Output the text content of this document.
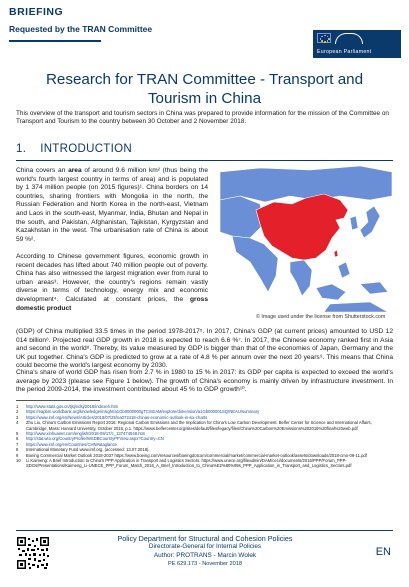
BRIEFING
Requested by the TRAN Committee
European Parliament
Research for TRAN Committee - Transport and
Tourism in China
This overview of the transport and tourism sectors in China was prepared to provide information for the mission of the Committee on Transport and Tourism to the country between 30 October and 2 November 2018.
1. INTRODUCTION
China covers an area of around 9.6 million km² (thus being the world's fourth largest country in terms of area) and is populated by 1 374 million people (on 2015 figures)¹. China borders on 14 countries, sharing frontiers with Mongolia in the north, the Russian Federation and North Korea in the north-east, Vietnam and Laos in the south-east, Myanmar, India, Bhutan and Nepal in the south, and Pakistan, Afghanistan, Tajikistan, Kyrgyzstan and Kazakhstan in the west. The urbanisation rate of China is about 59 %².
According to Chinese government figures, economic growth in recent decades has lifted about 740 million people out of poverty. China has also witnessed the largest migration ever from rural to urban areas³. However, the country's regions remain vastly diverse in terms of technology, energy mix and economic development⁴. Calculated at constant prices, the gross domestic product
(GDP) of China multiplied 33.5 times in the period 1978-2017⁵. In 2017, China's GDP (at current prices) amounted to USD 12 014 billion⁶. Projected real GDP growth in 2018 is expected to reach 6.6 %⁷. In 2017, the Chinese economy ranked first in Asia and second in the world⁸. Thereby, its value measured by GDP is bigger than that of the economies of Japan, Germany and the UK put together. China's GDP is predicted to grow at a rate of 4.8 % per annum over the next 20 years⁹. This means that China could become the world's largest economy by 2030.
China's share of world GDP has risen from 2.7 % in 1980 to 15 % in 2017: its GDP per capita is expected to exceed the world's average by 2023 (please see Figure 1 below). The growth of China's economy is mainly driven by infrastructure investment. In the period 2009-2014, the investment contributed about 45 % to GDP growth¹⁰.
© Image used under the license from Shutterstock.com
1	http://www.stats.gov.cn/tjsj/ndsj/2016/indexeh.htm
2	https://eapbm.worldbank.org/knowledge/insight/a1Gb0000000gTCmEAM/explore/dimension/a1Gb000001SQ/NEAU/summary
3	https://www.imf.org/en/News/Articles/2018/07/25/na072418-chinas-economic-outlook-in-six-charts
4	Zhu Liu, China's Carbon Emissions Report 2016: Regional Carbon Emissions and the Implication for China's Low Carbon Development. Belfer Center for Science and International Affairs, Cambridge, Mass: Harvard University, October 2016, p.1. https://www.belfercenter.org/sites/default/files/legacy/files/China%20Carbon%20Emissions%202016%20final%20web.pdf
5	http://www.xinhuanet.com/english/2018-09/17/c_137474548.htm
6	http://stat.wto.org/CountryProfile/WSDBCountryPFView.aspx?Country=CN
7	https://www.imf.org/en/Countries/CHN#ataglance
8	International Monetary Fund www.imf.org, (accessed: 13.07.2018).
9	Boeing Commercial Market Outlook 2018-2037 https://www.boeing.com/resources/boeingdotcom/commercial/market/commercial-market-outlook/assets/downloads/2018-cmo-09-11.pdf
10	Li Kaimeng: A Brief Introduction to China's PPP Application in Transport and Logistics Sectors. https://www.unece.org/fileadmin/DAM/ceci/documents/2016/PPP/Forum_PPP-SDGs/Presentations/Kaimeng_Li-UNECE_PPP_Forum_Match_2016_A_Brief_Introduction_to_China%E2%80%99s_PPP_Application_in_Transport_and_Logistics_Sectors.pdf
Policy Department for Structural and Cohesion Policies
Directorate-General for Internal Policies
Author: PROTRANS - Marcin Wolek
PE 629.173 - November 2018
EN
